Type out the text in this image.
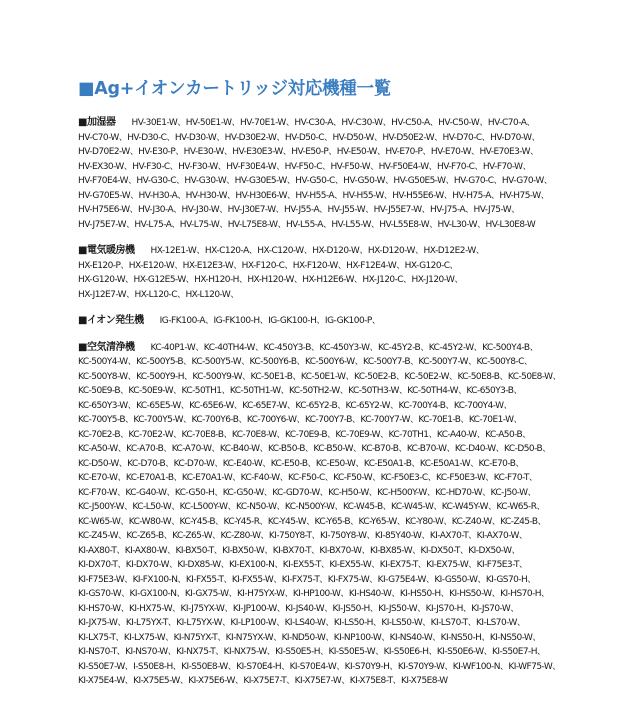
■Ag+イオンカートリッジ対応機種一覧
■加湿器 HV-30E1-W、HV-50E1-W、HV-70E1-W、HV-C30-A、HV-C30-W、HV-C50-A、HV-C50-W、HV-C70-A、
HV-C70-W、HV-D30-C、HV-D30-W、HV-D30E2-W、HV-D50-C、HV-D50-W、HV-D50E2-W、HV-D70-C、HV-D70-W、
HV-D70E2-W、HV-E30-P、HV-E30-W、HV-E30E3-W、HV-E50-P、HV-E50-W、HV-E70-P、HV-E70-W、HV-E70E3-W、
HV-EX30-W、HV-F30-C、HV-F30-W、HV-F30E4-W、HV-F50-C、HV-F50-W、HV-F50E4-W、HV-F70-C、HV-F70-W、
HV-F70E4-W、HV-G30-C、HV-G30-W、HV-G30E5-W、HV-G50-C、HV-G50-W、HV-G50E5-W、HV-G70-C、HV-G70-W、
HV-G70E5-W、HV-H30-A、HV-H30-W、HV-H30E6-W、HV-H55-A、HV-H55-W、HV-H55E6-W、HV-H75-A、HV-H75-W、
HV-H75E6-W、HV-J30-A、HV-J30-W、HV-J30E7-W、HV-J55-A、HV-J55-W、HV-J55E7-W、HV-J75-A、HV-J75-W、
HV-J75E7-W、HV-L75-A、HV-L75-W、HV-L75E8-W、HV-L55-A、HV-L55-W、HV-L55E8-W、HV-L30-W、HV-L30E8-W
■電気暖房機 HX-12E1-W、HX-C120-A、HX-C120-W、HX-D120-W、HX-D120-W、HX-D12E2-W、
HX-E120-P、HX-E120-W、HX-E12E3-W、HX-F120-C、HX-F120-W、HX-F12E4-W、HX-G120-C、
HX-G120-W、HX-G12E5-W、HX-H120-H、HX-H120-W、HX-H12E6-W、HX-J120-C、HX-J120-W、
HX-J12E7-W、HX-L120-C、HX-L120-W、
■イオン発生機 IG-FK100-A、IG-FK100-H、IG-GK100-H、IG-GK100-P、
■空気清浄機 KC-40P1-W、KC-40TH4-W、KC-450Y3-B、KC-450Y3-W、KC-45Y2-B、KC-45Y2-W、KC-500Y4-B、
KC-500Y4-W、KC-500Y5-B、KC-500Y5-W、KC-500Y6-B、KC-500Y6-W、KC-500Y7-B、KC-500Y7-W、KC-500Y8-C、
KC-500Y8-W、KC-500Y9-H、KC-500Y9-W、KC-50E1-B、KC-50E1-W、KC-50E2-B、KC-50E2-W、KC-50E8-B、KC-50E8-W、
KC-50E9-B、KC-50E9-W、KC-50TH1、KC-50TH1-W、KC-50TH2-W、KC-50TH3-W、KC-50TH4-W、KC-650Y3-B、
KC-650Y3-W、KC-65E5-W、KC-65E6-W、KC-65E7-W、KC-65Y2-B、KC-65Y2-W、KC-700Y4-B、KC-700Y4-W、
KC-700Y5-B、KC-700Y5-W、KC-700Y6-B、KC-700Y6-W、KC-700Y7-B、KC-700Y7-W、KC-70E1-B、KC-70E1-W、
KC-70E2-B、KC-70E2-W、KC-70E8-B、KC-70E8-W、KC-70E9-B、KC-70E9-W、KC-70TH1、KC-A40-W、KC-A50-B、
KC-A50-W、KC-A70-B、KC-A70-W、KC-B40-W、KC-B50-B、KC-B50-W、KC-B70-B、KC-B70-W、KC-D40-W、KC-D50-B、
KC-D50-W、KC-D70-B、KC-D70-W、KC-E40-W、KC-E50-B、KC-E50-W、KC-E50A1-B、KC-E50A1-W、KC-E70-B、
KC-E70-W、KC-E70A1-B、KC-E70A1-W、KC-F40-W、KC-F50-C、KC-F50-W、KC-F50E3-C、KC-F50E3-W、KC-F70-T、
KC-F70-W、KC-G40-W、KC-G50-H、KC-G50-W、KC-GD70-W、KC-H50-W、KC-H500Y-W、KC-HD70-W、KC-J50-W、
KC-J500Y-W、KC-L50-W、KC-L500Y-W、KC-N50-W、KC-N500Y-W、KC-W45-B、KC-W45-W、KC-W45Y-W、KC-W65-R、
KC-W65-W、KC-W80-W、KC-Y45-B、KC-Y45-R、KC-Y45-W、KC-Y65-B、KC-Y65-W、KC-Y80-W、KC-Z40-W、KC-Z45-B、
KC-Z45-W、KC-Z65-B、KC-Z65-W、KC-Z80-W、KI-750Y8-T、KI-750Y8-W、KI-85Y40-W、KI-AX70-T、KI-AX70-W、
KI-AX80-T、KI-AX80-W、KI-BX50-T、KI-BX50-W、KI-BX70-T、KI-BX70-W、KI-BX85-W、KI-DX50-T、KI-DX50-W、
KI-DX70-T、KI-DX70-W、KI-DX85-W、KI-EX100-N、KI-EX55-T、KI-EX55-W、KI-EX75-T、KI-EX75-W、KI-F75E3-T、
KI-F75E3-W、KI-FX100-N、KI-FX55-T、KI-FX55-W、KI-FX75-T、KI-FX75-W、KI-G75E4-W、KI-GS50-W、KI-GS70-H、
KI-GS70-W、KI-GX100-N、KI-GX75-W、KI-H75YX-W、KI-HP100-W、KI-HS40-W、KI-HS50-H、KI-HS50-W、KI-HS70-H、
KI-HS70-W、KI-HX75-W、KI-J75YX-W、KI-JP100-W、KI-JS40-W、KI-JS50-H、KI-JS50-W、KI-JS70-H、KI-JS70-W、
KI-JX75-W、KI-L75YX-T、KI-L75YX-W、KI-LP100-W、KI-LS40-W、KI-LS50-H、KI-LS50-W、KI-LS70-T、KI-LS70-W、
KI-LX75-T、KI-LX75-W、KI-N75YX-T、KI-N75YX-W、KI-ND50-W、KI-NP100-W、KI-NS40-W、KI-NS50-H、KI-NS50-W、
KI-NS70-T、KI-NS70-W、KI-NX75-T、KI-NX75-W、KI-S50E5-H、KI-S50E5-W、KI-S50E6-H、KI-S50E6-W、KI-S50E7-H、
KI-S50E7-W、I-S50E8-H、KI-S50E8-W、KI-S70E4-H、KI-S70E4-W、KI-S70Y9-H、KI-S70Y9-W、KI-WF100-N、KI-WF75-W、
KI-X75E4-W、KI-X75E5-W、KI-X75E6-W、KI-X75E7-T、KI-X75E7-W、KI-X75E8-T、KI-X75E8-W
